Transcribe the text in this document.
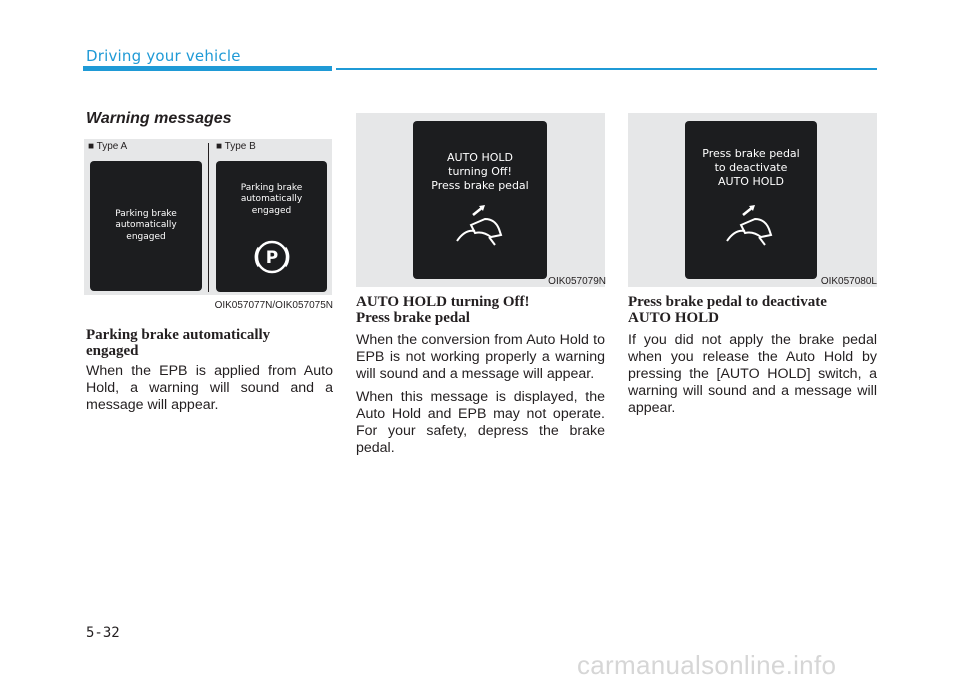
Driving your vehicle
Warning messages
■ Type A	■ Type B
Parking brake
automatically
engaged
Parking brake
automatically
engaged
P
OIK057077N/OIK057075N
AUTO HOLD
turning Off!
Press brake pedal
OIK057079N
Press brake pedal
to deactivate
AUTO HOLD
OIK057080L
Parking brake automatically engaged

When the EPB is applied from Auto Hold, a warning will sound and a message will appear.

AUTO HOLD turning Off!
Press brake pedal

When the conversion from Auto Hold to EPB is not working properly a warning will sound and a message will appear.

When this message is displayed, the Auto Hold and EPB may not operate. For your safety, depress the brake pedal.

Press brake pedal to deactivate AUTO HOLD

If you did not apply the brake pedal when you release the Auto Hold by pressing the [AUTO HOLD] switch, a warning will sound and a message will appear.

5-32
carmanualsonline.info
